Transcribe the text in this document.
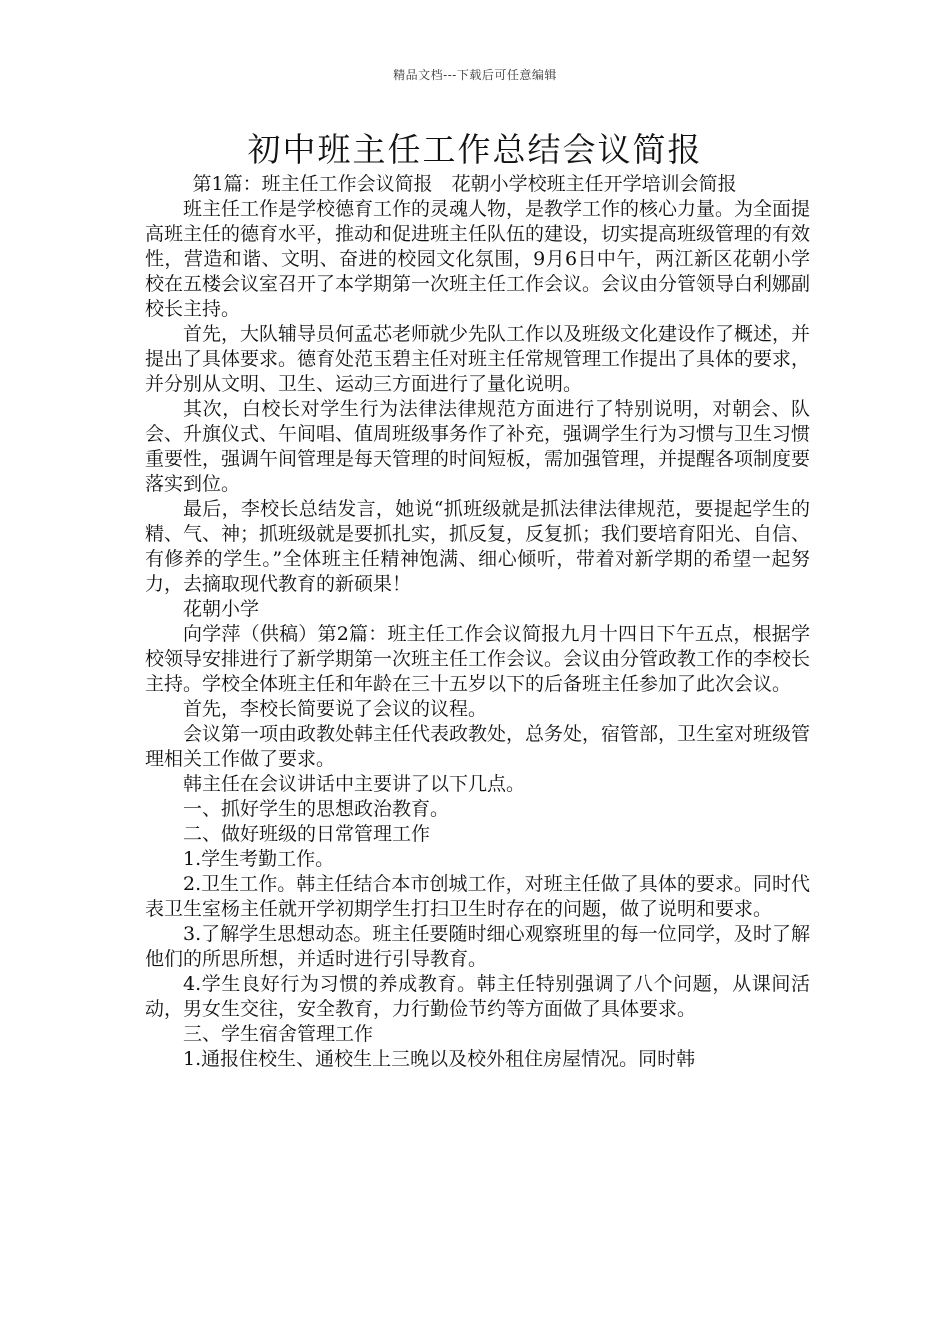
精品文档---下载后可任意编辑
初中班主任工作总结会议简报

第1篇：班主任工作会议简报　花朝小学校班主任开学培训会简报

班主任工作是学校德育工作的灵魂人物，是教学工作的核心力量。为全面提高班主任的德育水平，推动和促进班主任队伍的建设，切实提高班级管理的有效性，营造和谐、文明、奋进的校园文化氛围，9月6日中午，两江新区花朝小学校在五楼会议室召开了本学期第一次班主任工作会议。会议由分管领导白利娜副校长主持。

首先，大队辅导员何孟芯老师就少先队工作以及班级文化建设作了概述，并提出了具体要求。德育处范玉碧主任对班主任常规管理工作提出了具体的要求，并分别从文明、卫生、运动三方面进行了量化说明。

其次，白校长对学生行为法律法律规范方面进行了特别说明，对朝会、队会、升旗仪式、午间唱、值周班级事务作了补充，强调学生行为习惯与卫生习惯重要性，强调午间管理是每天管理的时间短板，需加强管理，并提醒各项制度要落实到位。

最后，李校长总结发言，她说“抓班级就是抓法律法律规范，要提起学生的精、气、神；抓班级就是要抓扎实，抓反复，反复抓；我们要培育阳光、自信、有修养的学生。”全体班主任精神饱满、细心倾听，带着对新学期的希望一起努力，去摘取现代教育的新硕果！

花朝小学

向学萍（供稿）第2篇：班主任工作会议简报九月十四日下午五点，根据学校领导安排进行了新学期第一次班主任工作会议。会议由分管政教工作的李校长主持。学校全体班主任和年龄在三十五岁以下的后备班主任参加了此次会议。

首先，李校长简要说了会议的议程。

会议第一项由政教处韩主任代表政教处，总务处，宿管部，卫生室对班级管理相关工作做了要求。

韩主任在会议讲话中主要讲了以下几点。

一、抓好学生的思想政治教育。

二、做好班级的日常管理工作

1.学生考勤工作。

2.卫生工作。韩主任结合本市创城工作，对班主任做了具体的要求。同时代表卫生室杨主任就开学初期学生打扫卫生时存在的问题，做了说明和要求。

3.了解学生思想动态。班主任要随时细心观察班里的每一位同学，及时了解他们的所思所想，并适时进行引导教育。

4.学生良好行为习惯的养成教育。韩主任特别强调了八个问题，从课间活动，男女生交往，安全教育，力行勤俭节约等方面做了具体要求。

三、学生宿舍管理工作

1.通报住校生、通校生上三晚以及校外租住房屋情况。同时韩
